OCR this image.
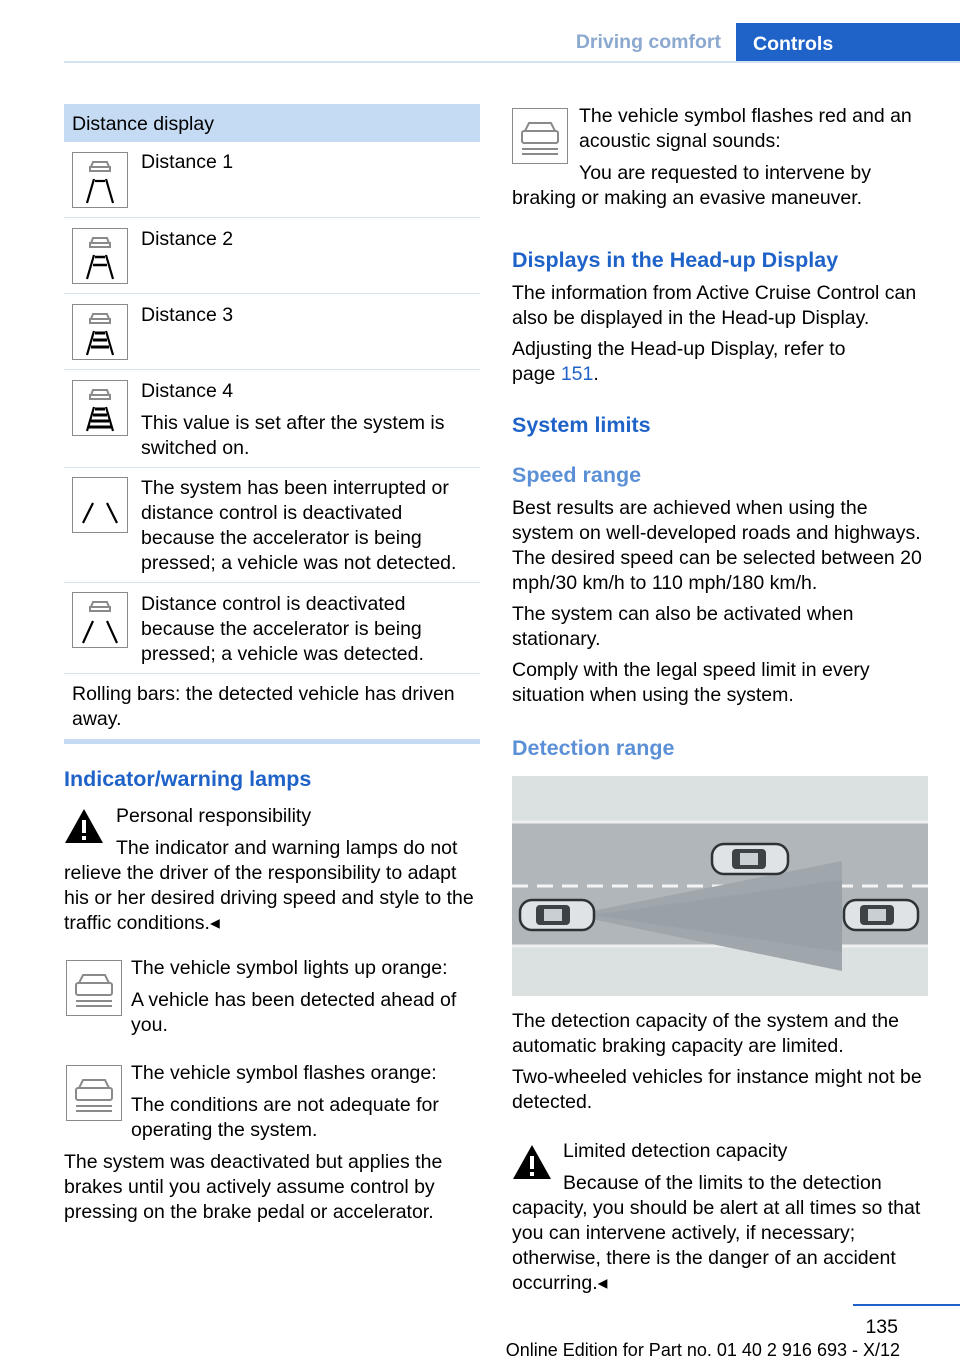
Driving comfort Controls
Distance display

Distance 1

Distance 2

Distance 3

Distance 4

This value is set after the system is switched on.

The system has been interrupted or distance control is deactivated because the accelerator is being pressed; a vehicle was not detected.

Distance control is deactivated because the accelerator is being pressed; a vehicle was detected.

Rolling bars: the detected vehicle has driven away.
Indicator/warning lamps
Personal responsibility
The indicator and warning lamps do not relieve the driver of the responsibility to adapt his or her desired driving speed and style to the traffic conditions.◂
The vehicle symbol lights up orange:
A vehicle has been detected ahead of you.
The vehicle symbol flashes orange:
The conditions are not adequate for operating the system.
The system was deactivated but applies the brakes until you actively assume control by pressing on the brake pedal or accelerator.
The vehicle symbol flashes red and an acoustic signal sounds:
You are requested to intervene by braking or making an evasive maneuver.
Displays in the Head-up Display

The information from Active Cruise Control can also be displayed in the Head-up Display.

Adjusting the Head-up Display, refer to page 151.

System limits
Speed range

Best results are achieved when using the system on well-developed roads and highways. The desired speed can be selected between 20 mph/30 km/h to 110 mph/180 km/h.

The system can also be activated when stationary.

Comply with the legal speed limit in every situation when using the system.

Detection range

The detection capacity of the system and the automatic braking capacity are limited.

Two-wheeled vehicles for instance might not be detected.

Limited detection capacity
Because of the limits to the detection capacity, you should be alert at all times so that you can intervene actively, if necessary; otherwise, there is the danger of an accident occurring.◂
135
Online Edition for Part no. 01 40 2 916 693 - X/12
